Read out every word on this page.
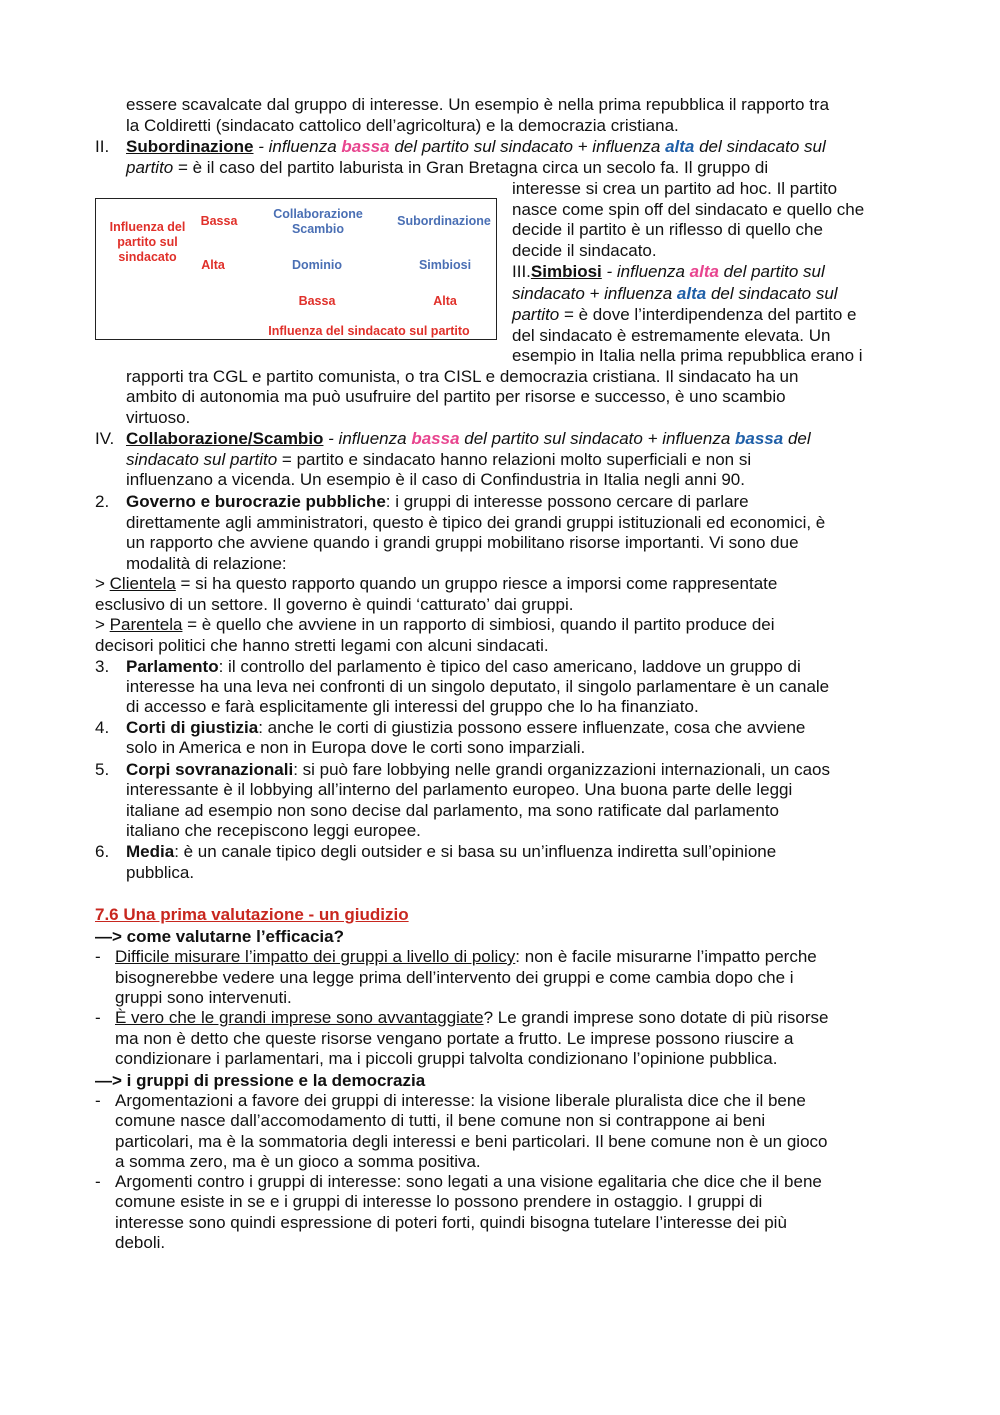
essere scavalcate dal gruppo di interesse. Un esempio è nella prima repubblica il rapporto tra
la Coldiretti (sindacato cattolico dell’agricoltura) e la democrazia cristiana.
II. Subordinazione - influenza bassa del partito sul sindacato + influenza alta del sindacato sul
partito = è il caso del partito laburista in Gran Bretagna circa un secolo fa. Il gruppo di
interesse si crea un partito ad hoc. Il partito
nasce come spin off del sindacato e quello che
decide il partito è un riflesso di quello che
decide il sindacato.
III.Simbiosi - influenza alta del partito sul
sindacato + influenza alta del sindacato sul
partito = è dove l’interdipendenza del partito e
del sindacato è estremamente elevata. Un
esempio in Italia nella prima repubblica erano i
Influenza del partito sul sindacato
Bassa
Alta
Collaborazione Scambio
Subordinazione
Dominio	Simbiosi
Bassa	Alta
Influenza del sindacato sul partito
rapporti tra CGL e partito comunista, o tra CISL e democrazia cristiana. Il sindacato ha un
ambito di autonomia ma può usufruire del partito per risorse e successo, è uno scambio
virtuoso.
IV. Collaborazione/Scambio - influenza bassa del partito sul sindacato + influenza bassa del
sindacato sul partito = partito e sindacato hanno relazioni molto superficiali e non si
influenzano a vicenda. Un esempio è il caso di Confindustria in Italia negli anni 90.
2. Governo e burocrazie pubbliche: i gruppi di interesse possono cercare di parlare
direttamente agli amministratori, questo è tipico dei grandi gruppi istituzionali ed economici, è
un rapporto che avviene quando i grandi gruppi mobilitano risorse importanti. Vi sono due
modalità di relazione:
> Clientela = si ha questo rapporto quando un gruppo riesce a imporsi come rappresentate
esclusivo di un settore. Il governo è quindi ‘catturato’ dai gruppi.
> Parentela = è quello che avviene in un rapporto di simbiosi, quando il partito produce dei
decisori politici che hanno stretti legami con alcuni sindacati.
3. Parlamento: il controllo del parlamento è tipico del caso americano, laddove un gruppo di
interesse ha una leva nei confronti di un singolo deputato, il singolo parlamentare è un canale
di accesso e farà esplicitamente gli interessi del gruppo che lo ha finanziato.
4. Corti di giustizia: anche le corti di giustizia possono essere influenzate, cosa che avviene
solo in America e non in Europa dove le corti sono imparziali.
5. Corpi sovranazionali: si può fare lobbying nelle grandi organizzazioni internazionali, un caos
interessante è il lobbying all’interno del parlamento europeo. Una buona parte delle leggi
italiane ad esempio non sono decise dal parlamento, ma sono ratificate dal parlamento
italiano che recepiscono leggi europee.
6. Media: è un canale tipico degli outsider e si basa su un’influenza indiretta sull’opinione
pubblica.
7.6 Una prima valutazione - un giudizio
—> come valutarne l’efficacia?
- Difficile misurare l’impatto dei gruppi a livello di policy: non è facile misurarne l’impatto perche
bisognerebbe vedere una legge prima dell’intervento dei gruppi e come cambia dopo che i
gruppi sono intervenuti.
- È vero che le grandi imprese sono avvantaggiate? Le grandi imprese sono dotate di più risorse
ma non è detto che queste risorse vengano portate a frutto. Le imprese possono riuscire a
condizionare i parlamentari, ma i piccoli gruppi talvolta condizionano l’opinione pubblica.
—> i gruppi di pressione e la democrazia
- Argomentazioni a favore dei gruppi di interesse: la visione liberale pluralista dice che il bene
comune nasce dall’accomodamento di tutti, il bene comune non si contrappone ai beni
particolari, ma è la sommatoria degli interessi e beni particolari. Il bene comune non è un gioco
a somma zero, ma è un gioco a somma positiva.
- Argomenti contro i gruppi di interesse: sono legati a una visione egalitaria che dice che il bene
comune esiste in se e i gruppi di interesse lo possono prendere in ostaggio. I gruppi di
interesse sono quindi espressione di poteri forti, quindi bisogna tutelare l’interesse dei più
deboli.
